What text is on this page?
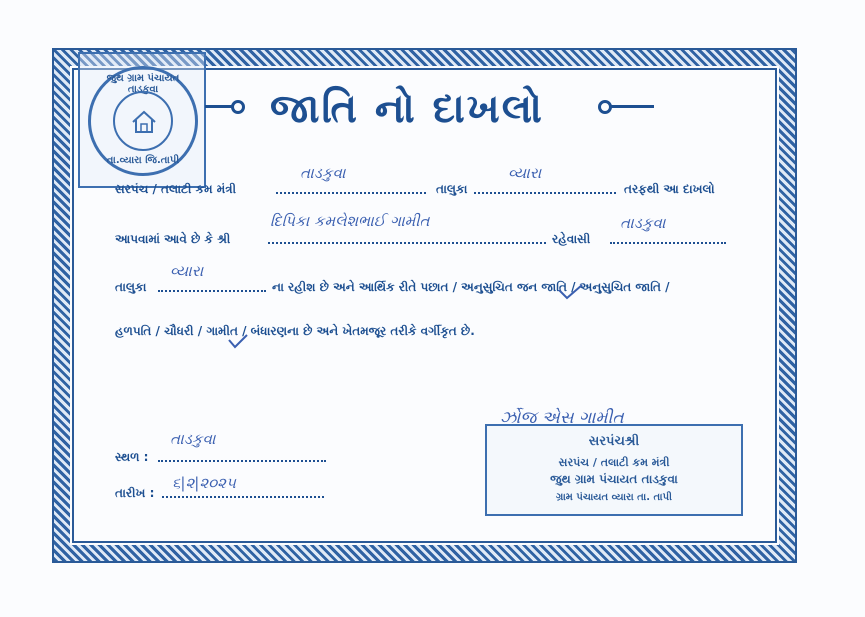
જુથ ગ્રામ પંચાયત તાડકુવા
તા.વ્યારા જિ.તાપી
જાતિ નો દાખલો
સરપંચ / તલાટી કમ મંત્રી
તાડકુવા
તાલુકા
વ્યારા
તરફથી આ દાખલો
આપવામાં આવે છે કે શ્રી
દિપિકા કમલેશભાઈ ગામીત
રહેવાસી
તાડકુવા
તાલુકા
વ્યારા
ના રહીશ છે અને આર્થિક રીતે પછાત / અનુસુચિત જન જાતિ / અનુસુચિત જાતિ /
હળપતિ / ચૌધરી / ગામીત / બંધારણના છે અને ખેતમજૂર તરીકે વર્ગીકૃત છે.
સ્થળ :
તાડકુવા
તારીખ :
૬|૨|૨૦૨૫
સરપંચશ્રી
સરપંચ / તલાટી કમ મંત્રી
જુથ ગ્રામ પંચાયત તાડકુવા
ગ્રામ પંચાયત વ્યારા તા. તાપી
ર્ઝોજ એસ ગામીત
